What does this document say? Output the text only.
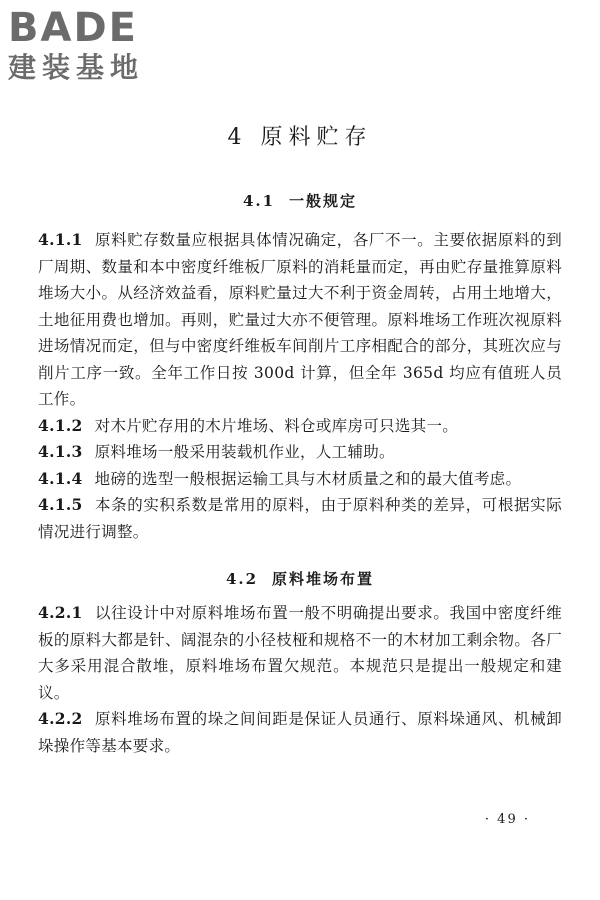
BADE
建装基地
4 原料贮存
4.1 一般规定

4.1.1 原料贮存数量应根据具体情况确定，各厂不一。主要依据原料的到厂周期、数量和本中密度纤维板厂原料的消耗量而定，再由贮存量推算原料堆场大小。从经济效益看，原料贮量过大不利于资金周转，占用土地增大，土地征用费也增加。再则，贮量过大亦不便管理。原料堆场工作班次视原料进场情况而定，但与中密度纤维板车间削片工序相配合的部分，其班次应与削片工序一致。全年工作日按 300d 计算，但全年 365d 均应有值班人员工作。

4.1.2 对木片贮存用的木片堆场、料仓或库房可只选其一。

4.1.3 原料堆场一般采用装载机作业，人工辅助。

4.1.4 地磅的选型一般根据运输工具与木材质量之和的最大值考虑。

4.1.5 本条的实积系数是常用的原料，由于原料种类的差异，可根据实际情况进行调整。

4.2 原料堆场布置

4.2.1 以往设计中对原料堆场布置一般不明确提出要求。我国中密度纤维板的原料大都是针、阔混杂的小径枝桠和规格不一的木材加工剩余物。各厂大多采用混合散堆，原料堆场布置欠规范。本规范只是提出一般规定和建议。

4.2.2 原料堆场布置的垛之间间距是保证人员通行、原料垛通风、机械卸垛操作等基本要求。

· 49 ·
